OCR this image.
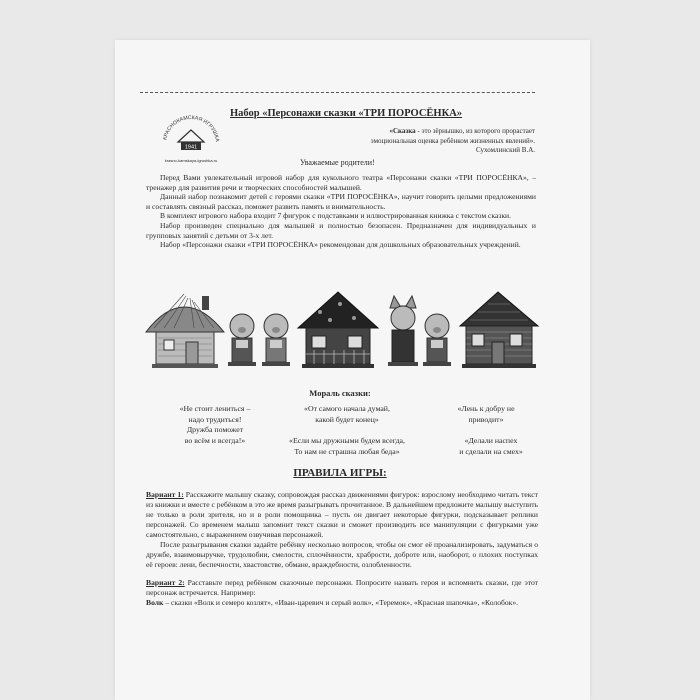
КРАСНОКАМСКАЯ ИГРУШКА
1941
krasno-kamskaya-igrushka.ru
Набор «Персонажи сказки «ТРИ ПОРОСЁНКА»
«Сказка - это зёрнышко, из которого прорастает
эмоциональная оценка ребёнком жизненных явлений».
Сухомлинский В.А.
Уважаемые родители!

Перед Вами увлекательный игровой набор для кукольного театра «Персонажи сказки «ТРИ ПОРОСЁНКА», – тренажер для развития речи и творческих способностей малышей.

Данный набор познакомит детей с героями сказки «ТРИ ПОРОСЁНКА», научит говорить целыми предложениями и составлять связный рассказ, поможет развить память и внимательность.

В комплект игрового набора входит 7 фигурок с подставками и иллюстрированная книжка с текстом сказки.

Набор произведен специально для малышей и полностью безопасен. Предназначен для индивидуальных и групповых занятий с детьми от 3-х лет.

Набор «Персонажи сказки «ТРИ ПОРОСЁНКА» рекомендован для дошкольных образовательных учреждений.

Мораль сказки:
«Не стоит лениться –
надо трудиться!
Дружба поможет
во всём и всегда!»
«От самого начала думай,
какой будет конец»
«Если мы дружными будем всегда,
То нам не страшна любая беда»
«Лень к добру не
приводит»
«Делали наспех
и сделали на смех»
ПРАВИЛА ИГРЫ:

Вариант 1: Расскажите малышу сказку, сопровождая рассказ движениями фигурок: взрослому необходимо читать текст из книжки и вместе с ребёнком в это же время разыгрывать прочитанное. В дальнейшем предложите малышу выступить не только в роли зрителя, но и в роли помощника – пусть он двигает некоторые фигурки, подсказывает реплики персонажей. Со временем малыш запомнит текст сказки и сможет производить все манипуляции с фигурками уже самостоятельно, с выражением озвучивая персонажей.

После разыгрывания сказки задайте ребёнку несколько вопросов, чтобы он смог её проанализировать, задуматься о дружбе, взаимовыручке, трудолюбии, смелости, сплочённости, храбрости, доброте или, наоборот, о плохих поступках её героев: лени, беспечности, хвастовстве, обмане, враждебности, озлобленности.

Вариант 2: Расставьте перед ребёнком сказочные персонажи. Попросите назвать героя и вспомнить сказки, где этот персонаж встречается. Например:

Волк – сказки «Волк и семеро козлят», «Иван-царевич и серый волк», «Теремок», «Красная шапочка», «Колобок».
